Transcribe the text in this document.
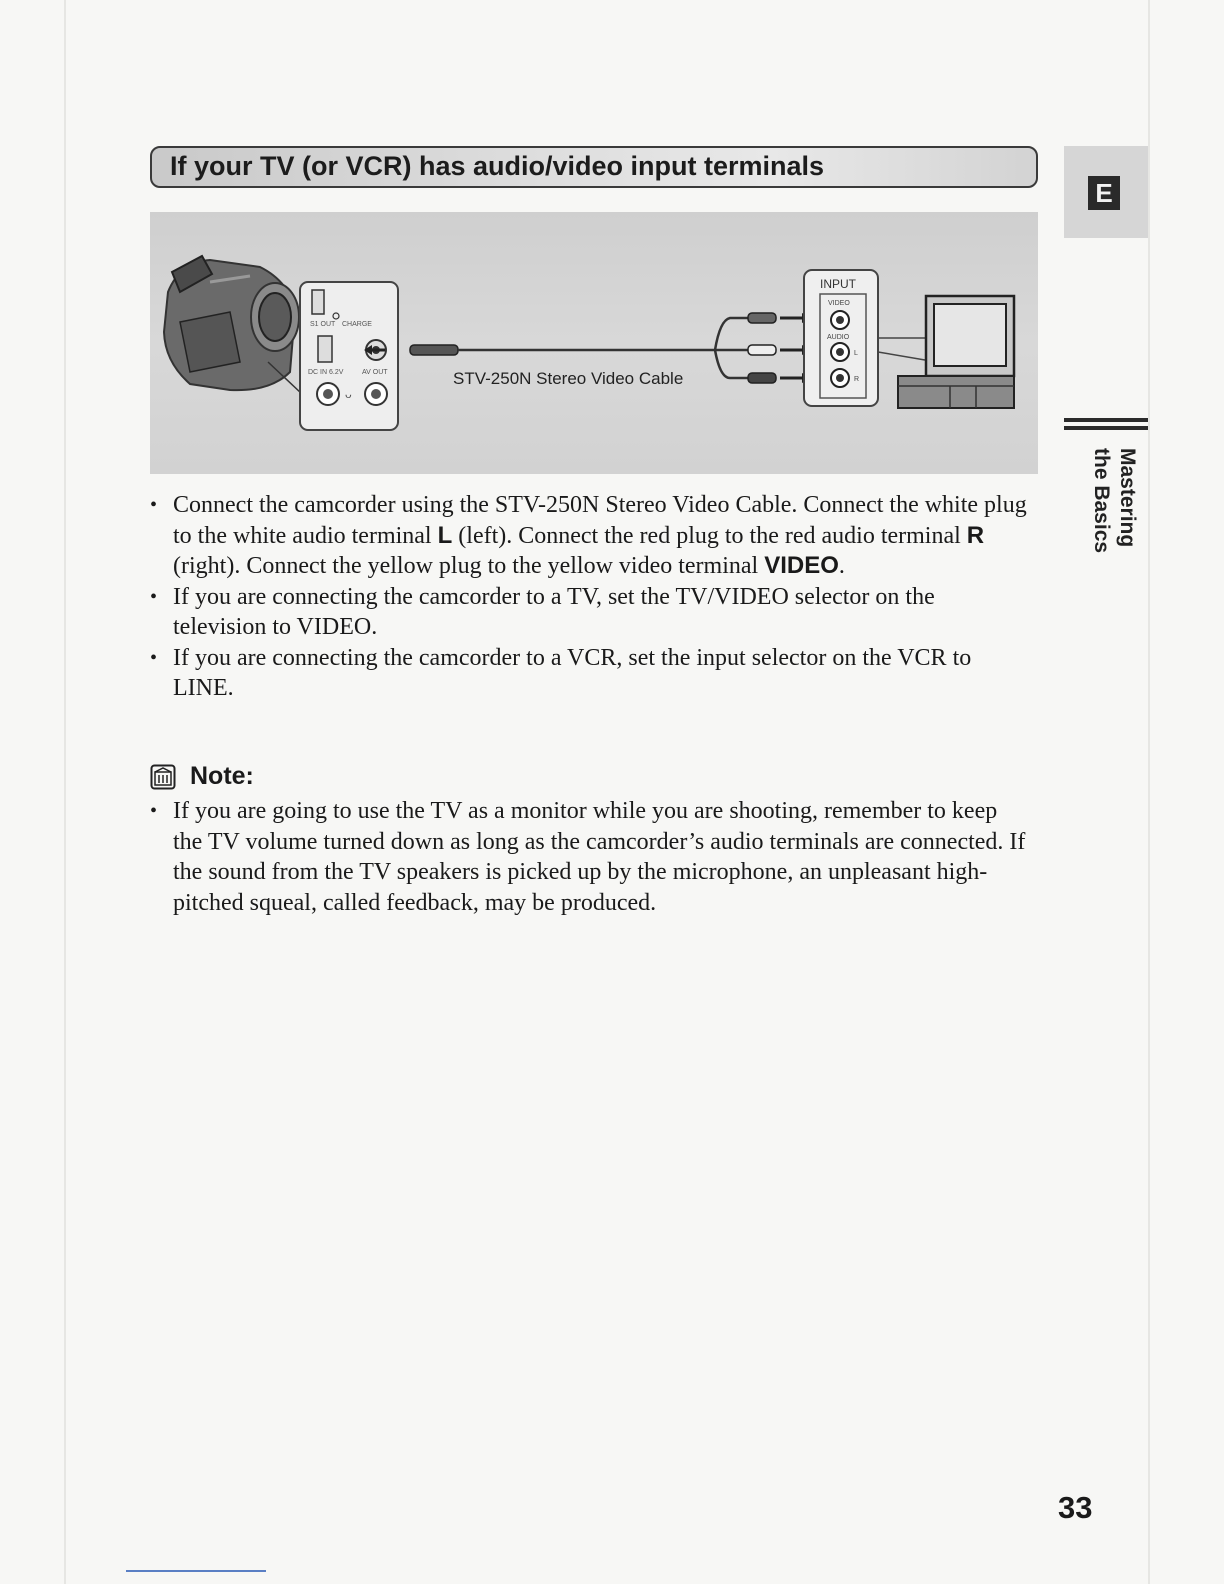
If your TV (or VCR) has audio/video input terminals
E
Mastering
the Basics
S1 OUT CHARGE
DC IN 6.2V	AV OUT
ᴗ
STV-250N Stereo Video Cable
INPUT
VIDEO
AUDIO
L
R
• Connect the camcorder using the STV-250N Stereo Video Cable. Connect the white plug to the white audio terminal L (left). Connect the red plug to the red audio terminal R (right). Connect the yellow plug to the yellow video terminal VIDEO.
• If you are connecting the camcorder to a TV, set the TV/VIDEO selector on the television to VIDEO.
• If you are connecting the camcorder to a VCR, set the input selector on the VCR to LINE.
Note:
• If you are going to use the TV as a monitor while you are shooting, remember to keep the TV volume turned down as long as the camcorder’s audio terminals are connected. If the sound from the TV speakers is picked up by the microphone, an unpleasant high-pitched squeal, called feedback, may be produced.
33
